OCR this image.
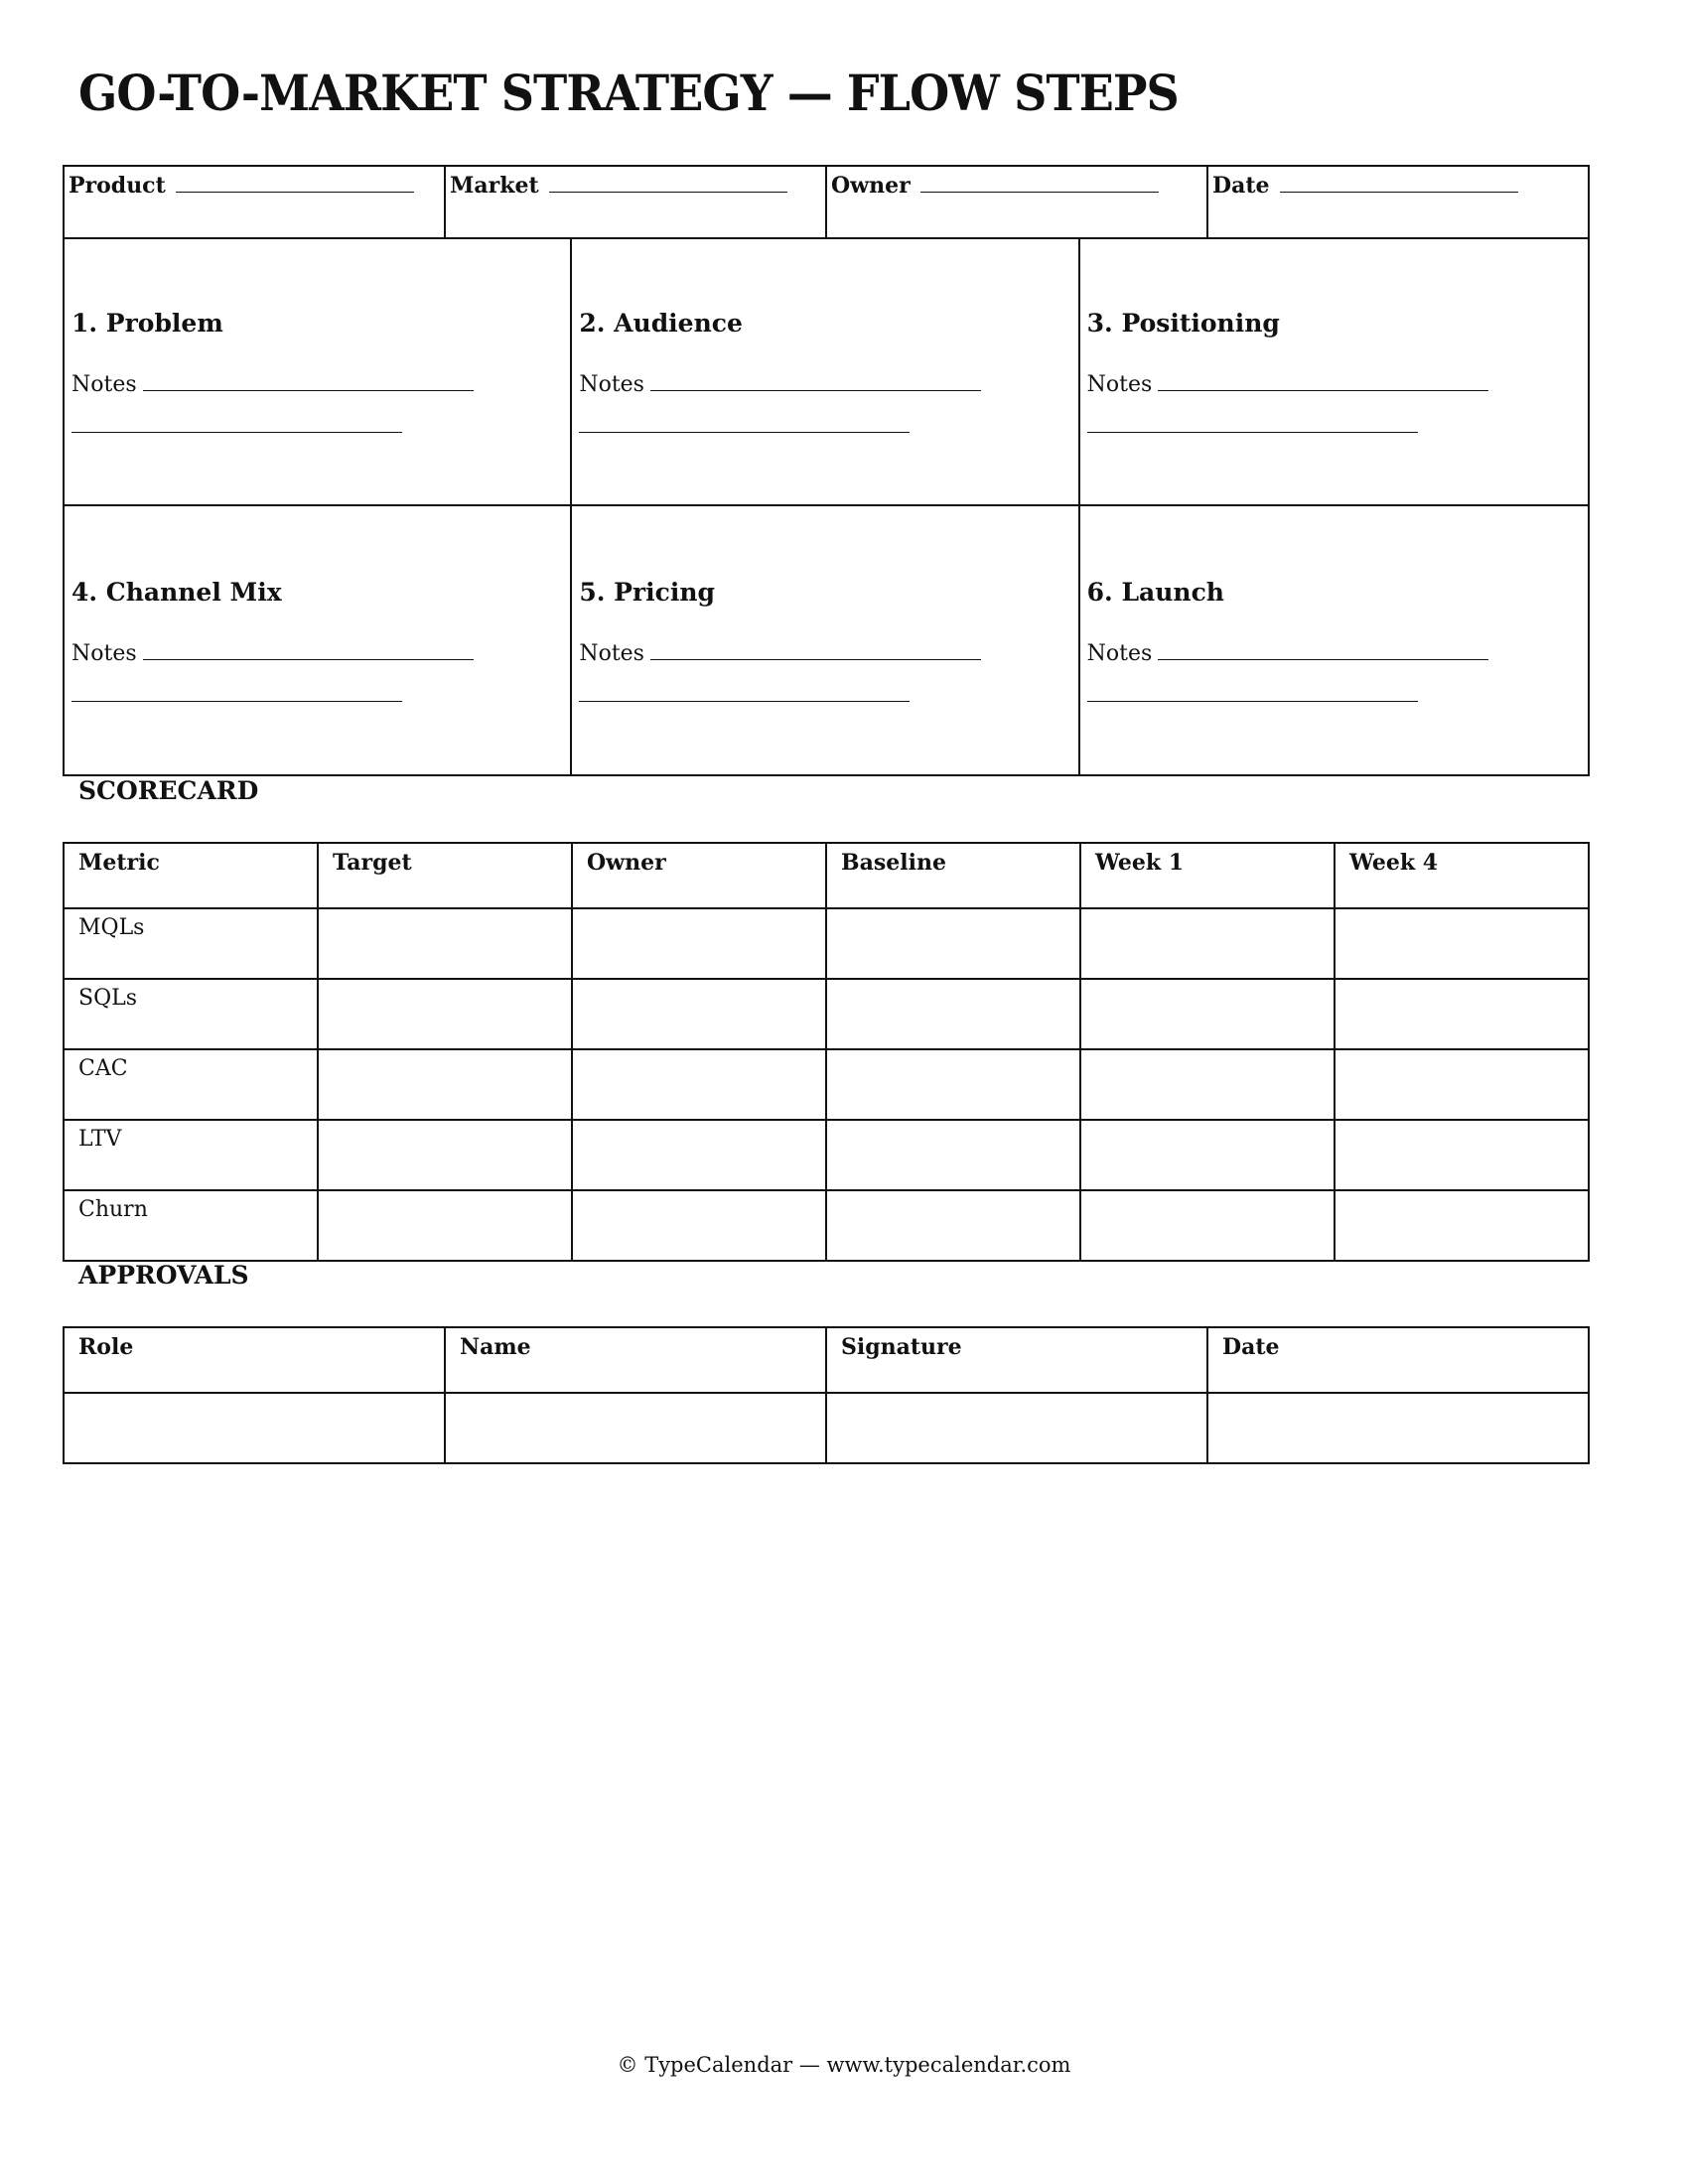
GO-TO-MARKET STRATEGY — FLOW STEPS
Product	Market	Owner	Date
1. Problem
Notes
2. Audience
Notes
3. Positioning
Notes
4. Channel Mix
Notes
5. Pricing
Notes
6. Launch
Notes
SCORECARD
Metric	Target	Owner	Baseline	Week 1	Week 4
MQLs					
SQLs					
CAC					
LTV					
Churn					
APPROVALS
Role	Name	Signature	Date

© TypeCalendar — www.typecalendar.com
